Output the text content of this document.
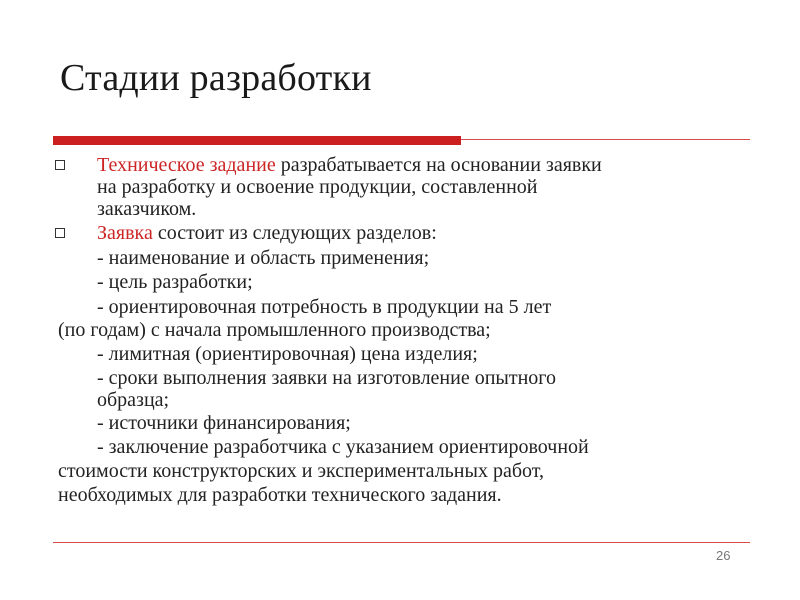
Стадии разработки
Техническое задание разрабатывается на основании заявки
на разработку и освоение продукции, составленной
заказчиком.
Заявка состоит из следующих разделов:
- наименование и область применения;
- цель разработки;
- ориентировочная потребность в продукции на 5 лет
(по годам) с начала промышленного производства;
- лимитная (ориентировочная) цена изделия;
- сроки выполнения заявки на изготовление опытного
образца;
- источники финансирования;
- заключение разработчика с указанием ориентировочной
стоимости конструкторских и экспериментальных работ,
необходимых для разработки технического задания.
26
